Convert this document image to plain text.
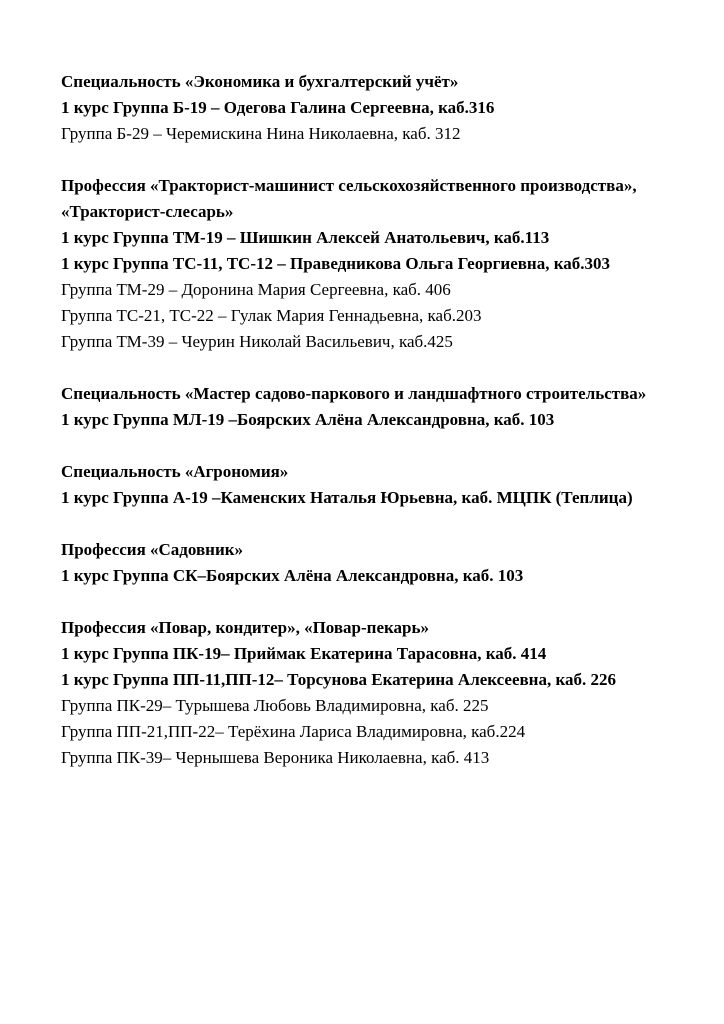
Специальность «Экономика и бухгалтерский учёт»

1 курс Группа Б-19 – Одегова Галина Сергеевна, каб.316

Группа Б-29 – Черемискина Нина Николаевна, каб. 312

Профессия «Тракторист-машинист сельскохозяйственного производства», «Тракторист-слесарь»

1 курс Группа ТМ-19 – Шишкин Алексей Анатольевич, каб.113

1 курс Группа ТС-11, ТС-12 – Праведникова Ольга Георгиевна, каб.303

Группа ТМ-29 – Доронина Мария Сергеевна, каб. 406

Группа ТС-21, ТС-22 – Гулак Мария Геннадьевна, каб.203

Группа ТМ-39 – Чеурин Николай Васильевич, каб.425

Специальность «Мастер садово-паркового и ландшафтного строительства»

1 курс Группа МЛ-19 –Боярских Алёна Александровна, каб. 103

Специальность «Агрономия»

1 курс Группа А-19 –Каменских Наталья Юрьевна, каб. МЦПК (Теплица)

Профессия «Садовник»

1 курс Группа СК–Боярских Алёна Александровна, каб. 103

Профессия «Повар, кондитер», «Повар-пекарь»

1 курс Группа ПК-19– Приймак Екатерина Тарасовна, каб. 414

1 курс Группа ПП-11,ПП-12– Торсунова Екатерина Алексеевна, каб. 226

Группа ПК-29– Турышева Любовь Владимировна, каб. 225

Группа ПП-21,ПП-22– Терёхина Лариса Владимировна, каб.224

Группа ПК-39– Чернышева Вероника Николаевна, каб. 413
